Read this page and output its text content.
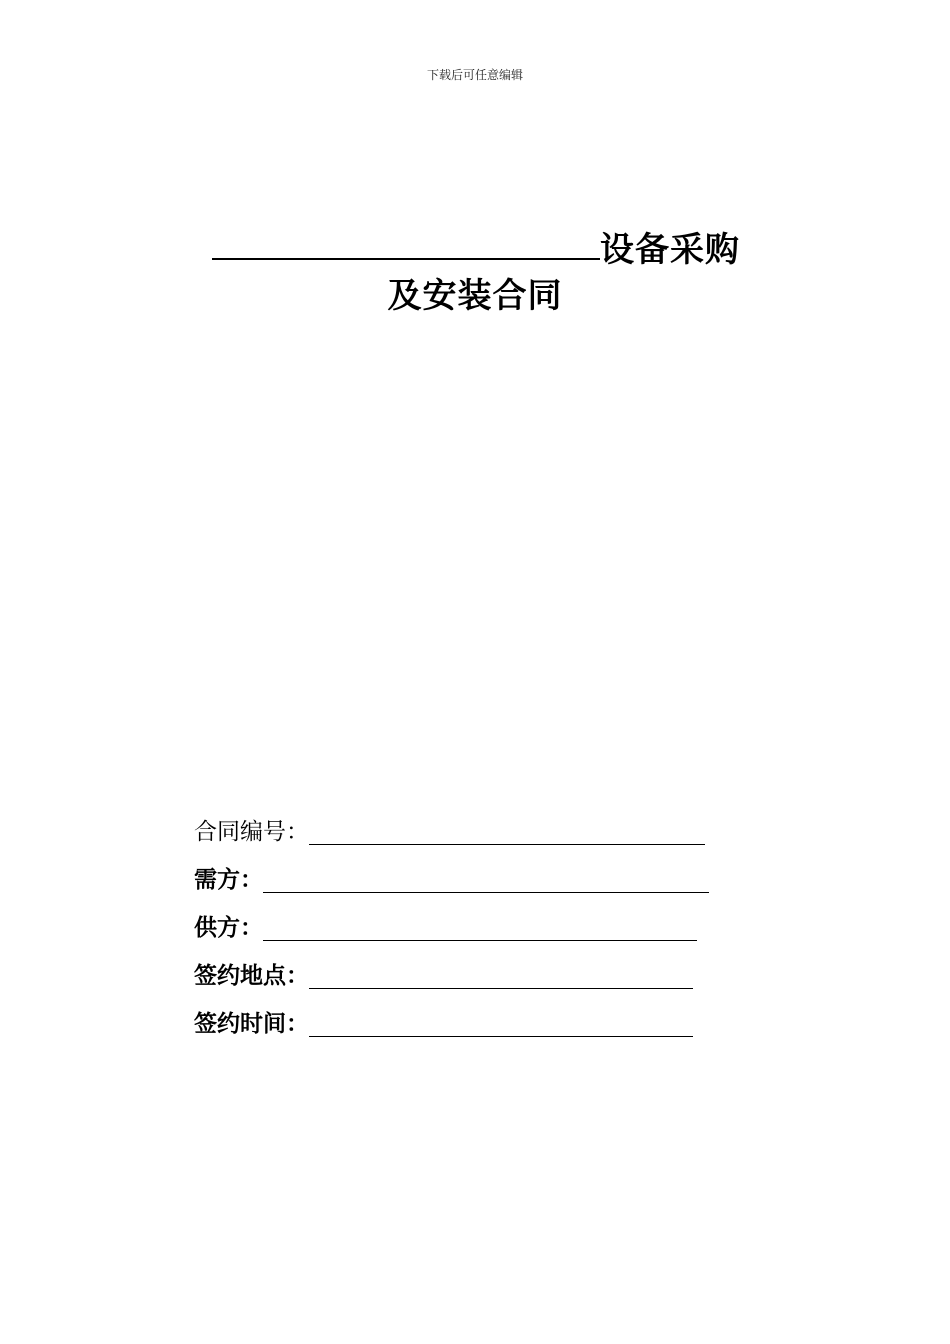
下载后可任意编辑
设备采购
及安装合同
合同编号：
需方：
供方：
签约地点：
签约时间：
